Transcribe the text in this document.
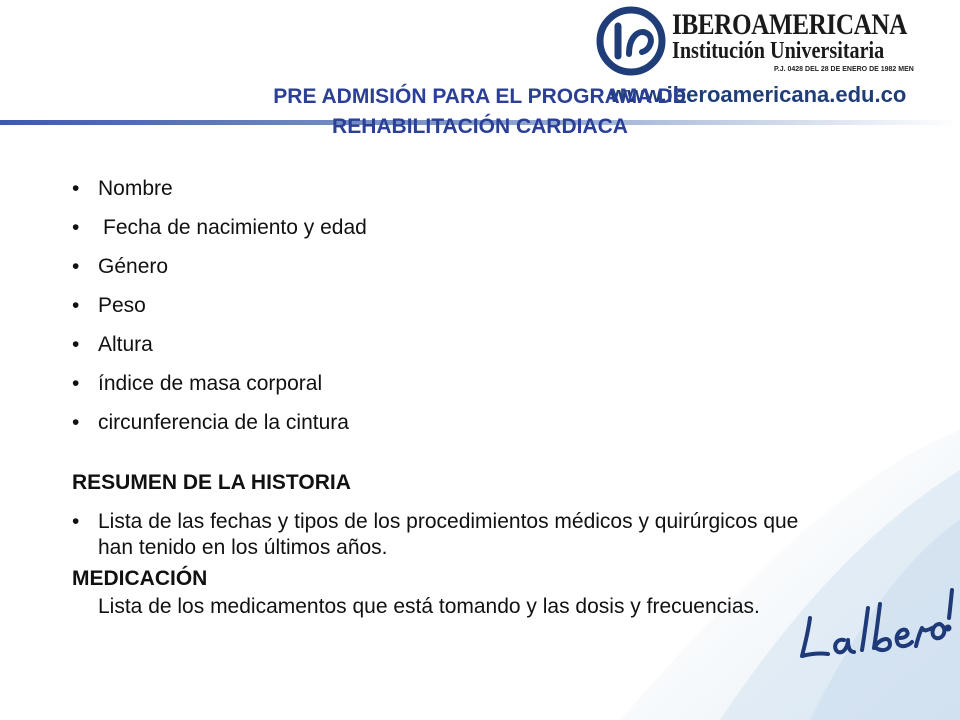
IBEROAMERICANA
Institución Universitaria
P.J. 0428 DEL 28 DE ENERO DE 1982 MEN
www.iberoamericana.edu.co
PRE ADMISIÓN PARA EL PROGRAMA DE
REHABILITACIÓN CARDIACA
• Nombre
• Fecha de nacimiento y edad
• Género
• Peso
• Altura
• índice de masa corporal
• circunferencia de la cintura
RESUMEN DE LA HISTORIA
• Lista de las fechas y tipos de los procedimientos médicos y quirúrgicos que han tenido en los últimos años.
MEDICACIÓN
Lista de los medicamentos que está tomando y las dosis y frecuencias.
